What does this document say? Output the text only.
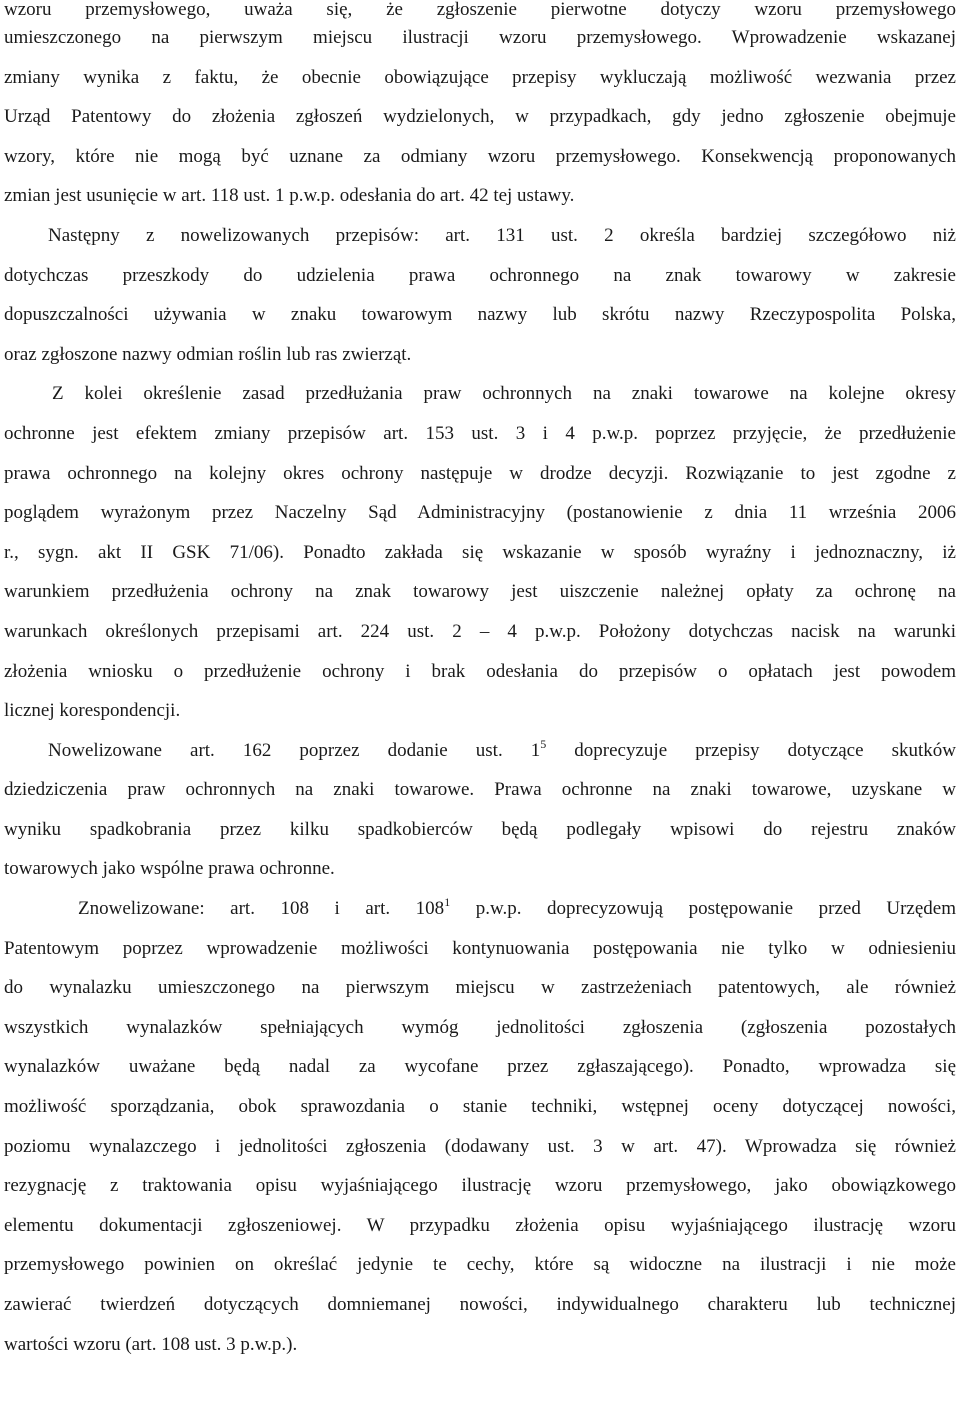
wzoru przemysłowego, uważa się, że zgłoszenie pierwotne dotyczy wzoru przemysłowego
umieszczonego na pierwszym miejscu ilustracji wzoru przemysłowego. Wprowadzenie wskazanej
zmiany wynika z faktu, że obecnie obowiązujące przepisy wykluczają możliwość wezwania przez
Urząd Patentowy do złożenia zgłoszeń wydzielonych, w przypadkach, gdy jedno zgłoszenie obejmuje
wzory, które nie mogą być uznane za odmiany wzoru przemysłowego. Konsekwencją proponowanych
zmian jest usunięcie w art. 118 ust. 1 p.w.p. odesłania do art. 42 tej ustawy.
Następny z nowelizowanych przepisów: art. 131 ust. 2 określa bardziej szczegółowo niż
dotychczas przeszkody do udzielenia prawa ochronnego na znak towarowy w zakresie
dopuszczalności używania w znaku towarowym nazwy lub skrótu nazwy Rzeczypospolita Polska,
oraz zgłoszone nazwy odmian roślin lub ras zwierząt.
Z kolei określenie zasad przedłużania praw ochronnych na znaki towarowe na kolejne okresy
ochronne jest efektem zmiany przepisów art. 153 ust. 3 i 4 p.w.p. poprzez przyjęcie, że przedłużenie
prawa ochronnego na kolejny okres ochrony następuje w drodze decyzji. Rozwiązanie to jest zgodne z
poglądem wyrażonym przez Naczelny Sąd Administracyjny (postanowienie z dnia 11 września 2006
r., sygn. akt II GSK 71/06). Ponadto zakłada się wskazanie w sposób wyraźny i jednoznaczny, iż
warunkiem przedłużenia ochrony na znak towarowy jest uiszczenie należnej opłaty za ochronę na
warunkach określonych przepisami art. 224 ust. 2 – 4 p.w.p. Położony dotychczas nacisk na warunki
złożenia wniosku o przedłużenie ochrony i brak odesłania do przepisów o opłatach jest powodem
licznej korespondencji.
Nowelizowane art. 162 poprzez dodanie ust. $1^5$ doprecyzuje przepisy dotyczące skutków
dziedziczenia praw ochronnych na znaki towarowe. Prawa ochronne na znaki towarowe, uzyskane w
wyniku spadkobrania przez kilku spadkobierców będą podlegały wpisowi do rejestru znaków
towarowych jako wspólne prawa ochronne.
Znowelizowane: art. 108 i art. $108^1$ p.w.p. doprecyzowują postępowanie przed Urzędem
Patentowym poprzez wprowadzenie możliwości kontynuowania postępowania nie tylko w odniesieniu
do wynalazku umieszczonego na pierwszym miejscu w zastrzeżeniach patentowych, ale również
wszystkich wynalazków spełniających wymóg jednolitości zgłoszenia (zgłoszenia pozostałych
wynalazków uważane będą nadal za wycofane przez zgłaszającego). Ponadto, wprowadza się
możliwość sporządzania, obok sprawozdania o stanie techniki, wstępnej oceny dotyczącej nowości,
poziomu wynalazczego i jednolitości zgłoszenia (dodawany ust. 3 w art. 47). Wprowadza się również
rezygnację z traktowania opisu wyjaśniającego ilustrację wzoru przemysłowego, jako obowiązkowego
elementu dokumentacji zgłoszeniowej. W przypadku złożenia opisu wyjaśniającego ilustrację wzoru
przemysłowego powinien on określać jedynie te cechy, które są widoczne na ilustracji i nie może
zawierać twierdzeń dotyczących domniemanej nowości, indywidualnego charakteru lub technicznej
wartości wzoru (art. 108 ust. 3 p.w.p.).
